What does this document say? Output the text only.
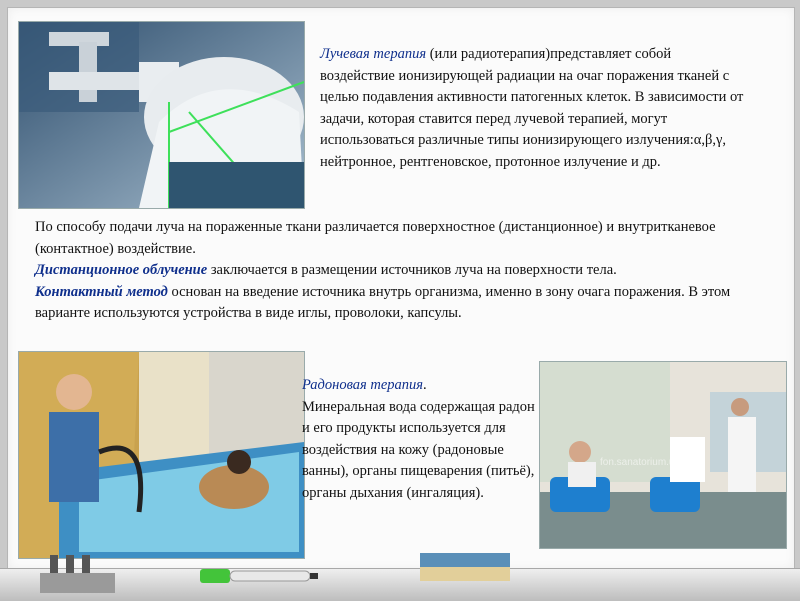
Лучевая терапия (или радиотерапия)представляет собой воздействие ионизирующей радиации на очаг поражения тканей с целью подавления активности патогенных клеток. В зависимости от задачи, которая ставится перед лучевой терапией, могут использоваться различные типы ионизирующего излучения:α,β,γ, нейтронное, рентгеновское, протонное излучение и др.
По способу подачи луча на пораженные ткани различается поверхностное (дистанционное) и внутритканевое (контактное) воздействие.
Дистанционное облучение заключается в размещении источников луча на поверхности тела.
Контактный метод основан на введение источника внутрь организма, именно в зону очага поражения. В этом варианте используются устройства в виде иглы, проволоки, капсулы.
Радоновая терапия.
Минеральная вода содержащая радон и его продукты используется для воздействия на кожу (радоновые ванны), органы пищеварения (питьё), органы дыхания (ингаляция).
fon.sanatorium.ua
